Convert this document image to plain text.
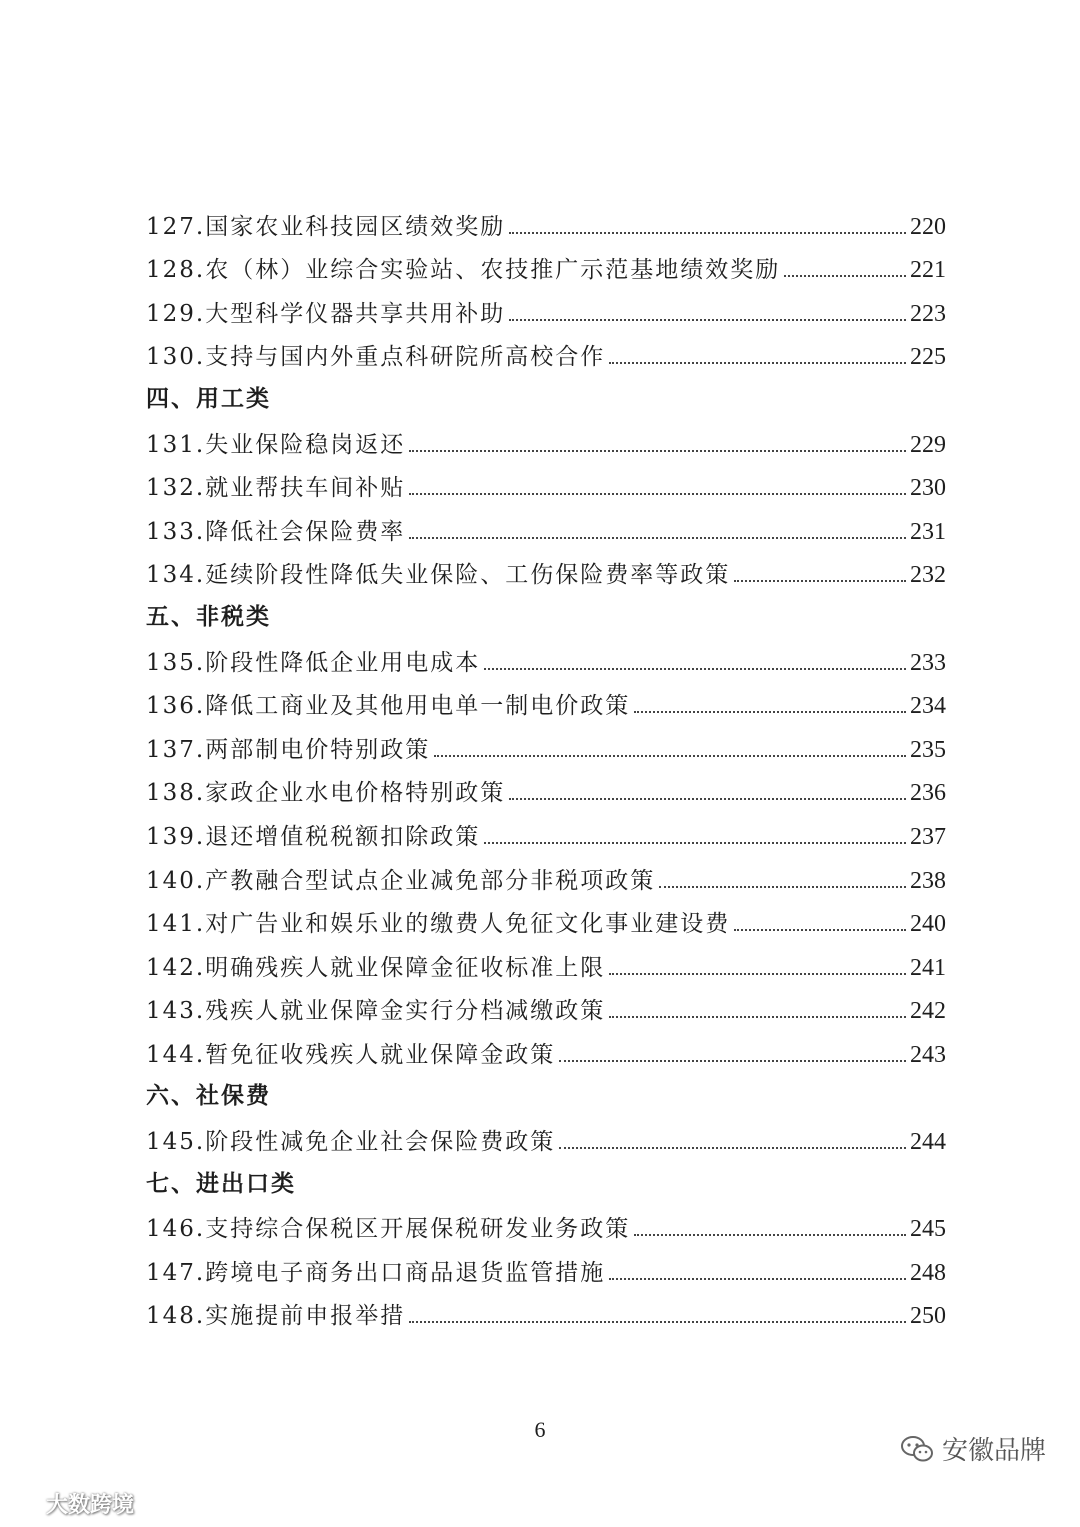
127.国家农业科技园区绩效奖励	220
128.农（林）业综合实验站、农技推广示范基地绩效奖励	221
129.大型科学仪器共享共用补助	223
130.支持与国内外重点科研院所高校合作	225
四、用工类
131.失业保险稳岗返还	229
132.就业帮扶车间补贴	230
133.降低社会保险费率	231
134.延续阶段性降低失业保险、工伤保险费率等政策	232
五、非税类
135.阶段性降低企业用电成本	233
136.降低工商业及其他用电单一制电价政策	234
137.两部制电价特别政策	235
138.家政企业水电价格特别政策	236
139.退还增值税税额扣除政策	237
140.产教融合型试点企业减免部分非税项政策	238
141.对广告业和娱乐业的缴费人免征文化事业建设费	240
142.明确残疾人就业保障金征收标准上限	241
143.残疾人就业保障金实行分档减缴政策	242
144.暂免征收残疾人就业保障金政策	243
六、社保费
145.阶段性减免企业社会保险费政策	244
七、进出口类
146.支持综合保税区开展保税研发业务政策	245
147.跨境电子商务出口商品退货监管措施	248
148.实施提前申报举措	250
6
大数跨境
安徽品牌
